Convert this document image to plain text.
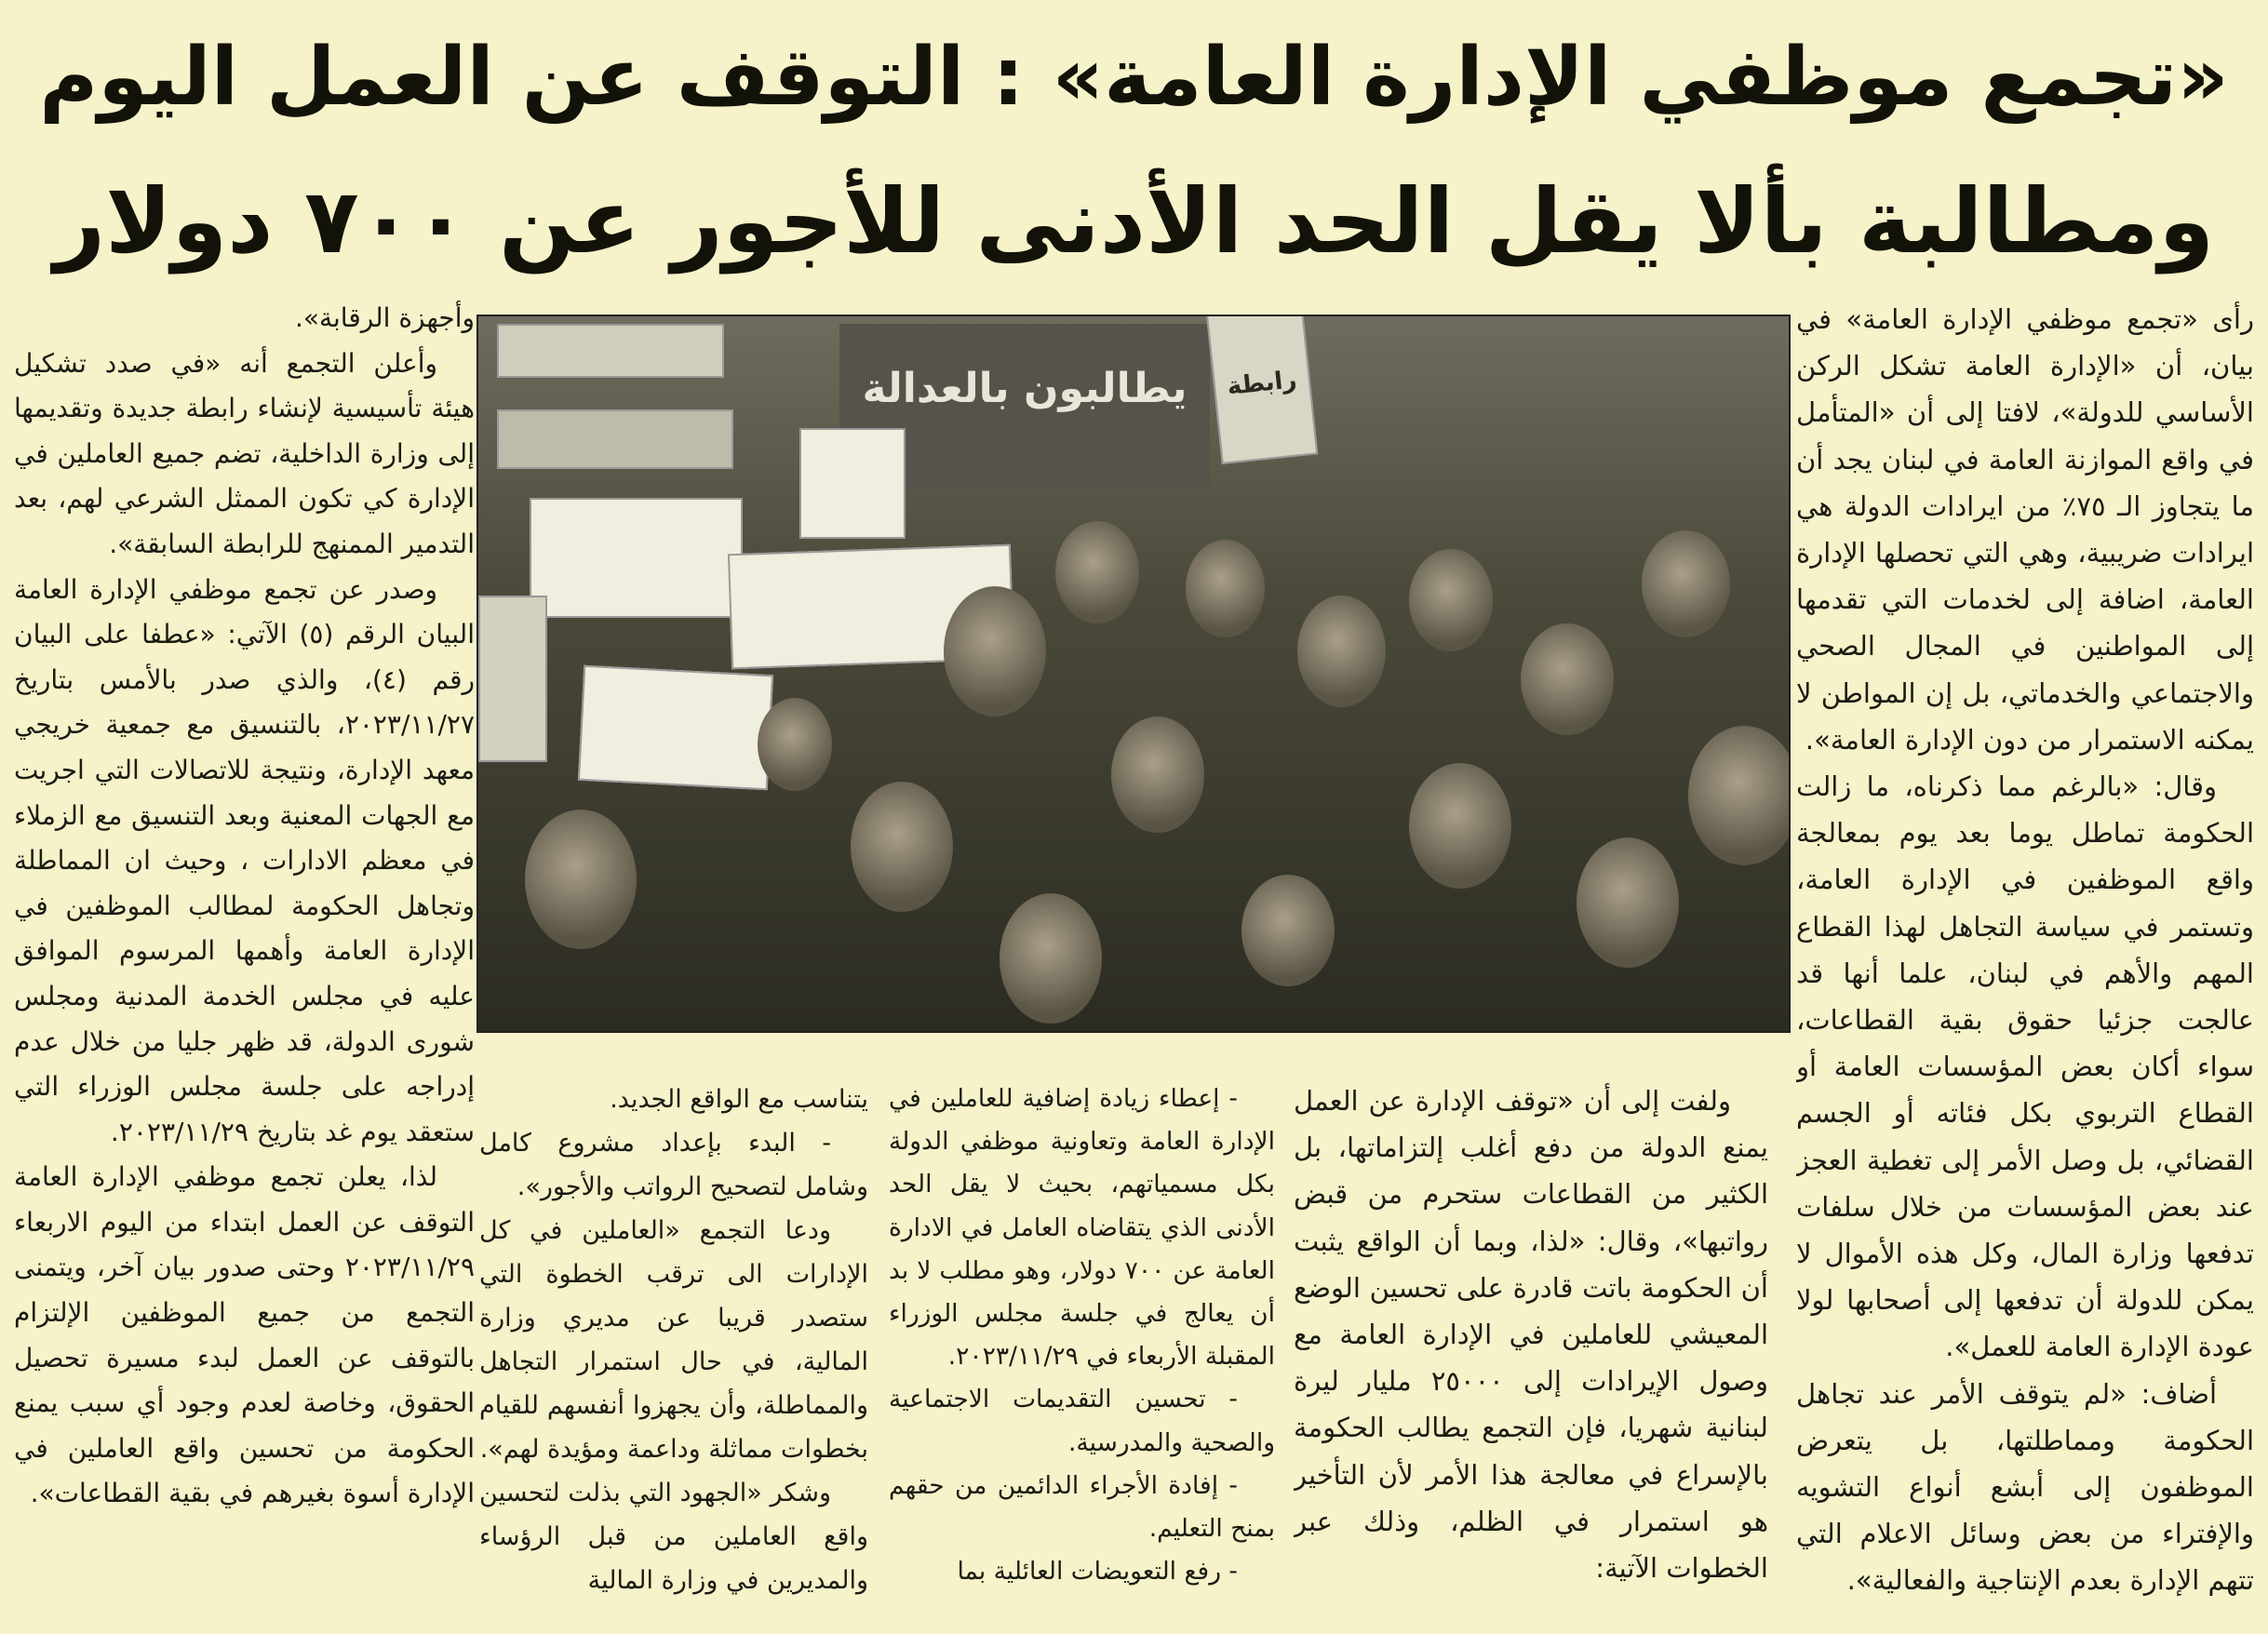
«تجمع موظفي الإدارة العامة» : التوقف عن العمل اليوم
ومطالبة بألا يقل الحد الأدنى للأجور عن ٧٠٠ دولار

رأى «تجمع موظفي الإدارة العامة» في بيان، أن «الإدارة العامة تشكل الركن الأساسي للدولة»، لافتا إلى أن «المتأمل في واقع الموازنة العامة في لبنان يجد أن ما يتجاوز الـ ٧٥٪ من ايرادات الدولة هي ايرادات ضريبية، وهي التي تحصلها الإدارة العامة، اضافة إلى لخدمات التي تقدمها إلى المواطنين في المجال الصحي والاجتماعي والخدماتي، بل إن المواطن لا يمكنه الاستمرار من دون الإدارة العامة».

وقال: «بالرغم مما ذكرناه، ما زالت الحكومة تماطل يوما بعد يوم بمعالجة واقع الموظفين في الإدارة العامة، وتستمر في سياسة التجاهل لهذا القطاع المهم والأهم في لبنان، علما أنها قد عالجت جزئيا حقوق بقية القطاعات، سواء أكان بعض المؤسسات العامة أو القطاع التربوي بكل فئاته أو الجسم القضائي، بل وصل الأمر إلى تغطية العجز عند بعض المؤسسات من خلال سلفات تدفعها وزارة المال، وكل هذه الأموال لا يمكن للدولة أن تدفعها إلى أصحابها لولا عودة الإدارة العامة للعمل».

أضاف: «لم يتوقف الأمر عند تجاهل الحكومة ومماطلتها، بل يتعرض الموظفون إلى أبشع أنواع التشويه والإفتراء من بعض وسائل الاعلام التي تتهم الإدارة بعدم الإنتاجية والفعالية».

يطالبون بالعدالة رابطة

ولفت إلى أن «توقف الإدارة عن العمل يمنع الدولة من دفع أغلب إلتزاماتها، بل الكثير من القطاعات ستحرم من قبض رواتبها»، وقال: «لذا، وبما أن الواقع يثبت أن الحكومة باتت قادرة على تحسين الوضع المعيشي للعاملين في الإدارة العامة مع وصول الإيرادات إلى ٢٥٠٠٠ مليار ليرة لبنانية شهريا، فإن التجمع يطالب الحكومة بالإسراع في معالجة هذا الأمر لأن التأخير هو استمرار في الظلم، وذلك عبر الخطوات الآتية:

- إعطاء زيادة إضافية للعاملين في الإدارة العامة وتعاونية موظفي الدولة بكل مسمياتهم، بحيث لا يقل الحد الأدنى الذي يتقاضاه العامل في الادارة العامة عن ٧٠٠ دولار، وهو مطلب لا بد أن يعالج في جلسة مجلس الوزراء المقبلة الأربعاء في ٢٠٢٣/١١/٢٩.

- تحسين التقديمات الاجتماعية والصحية والمدرسية.

- إفادة الأجراء الدائمين من حقهم بمنح التعليم.

- رفع التعويضات العائلية بما

يتناسب مع الواقع الجديد.

- البدء بإعداد مشروع كامل وشامل لتصحيح الرواتب والأجور».

ودعا التجمع «العاملين في كل الإدارات الى ترقب الخطوة التي ستصدر قريبا عن مديري وزارة المالية، في حال استمرار التجاهل والمماطلة، وأن يجهزوا أنفسهم للقيام بخطوات مماثلة وداعمة ومؤيدة لهم».

وشكر «الجهود التي بذلت لتحسين واقع العاملين من قبل الرؤساء والمديرين في وزارة المالية

وأجهزة الرقابة».

وأعلن التجمع أنه «في صدد تشكيل هيئة تأسيسية لإنشاء رابطة جديدة وتقديمها إلى وزارة الداخلية، تضم جميع العاملين في الإدارة كي تكون الممثل الشرعي لهم، بعد التدمير الممنهج للرابطة السابقة».

وصدر عن تجمع موظفي الإدارة العامة البيان الرقم (٥) الآتي: «عطفا على البيان رقم (٤)، والذي صدر بالأمس بتاريخ ٢٠٢٣/١١/٢٧، بالتنسيق مع جمعية خريجي معهد الإدارة، ونتيجة للاتصالات التي اجريت مع الجهات المعنية وبعد التنسيق مع الزملاء في معظم الادارات ، وحيث ان المماطلة وتجاهل الحكومة لمطالب الموظفين في الإدارة العامة وأهمها المرسوم الموافق عليه في مجلس الخدمة المدنية ومجلس شورى الدولة، قد ظهر جليا من خلال عدم إدراجه على جلسة مجلس الوزراء التي ستعقد يوم غد بتاريخ ٢٠٢٣/١١/٢٩.

لذا، يعلن تجمع موظفي الإدارة العامة التوقف عن العمل ابتداء من اليوم الاربعاء ٢٠٢٣/١١/٢٩ وحتى صدور بيان آخر، ويتمنى التجمع من جميع الموظفين الإلتزام بالتوقف عن العمل لبدء مسيرة تحصيل الحقوق، وخاصة لعدم وجود أي سبب يمنع الحكومة من تحسين واقع العاملين في الإدارة أسوة بغيرهم في بقية القطاعات».
